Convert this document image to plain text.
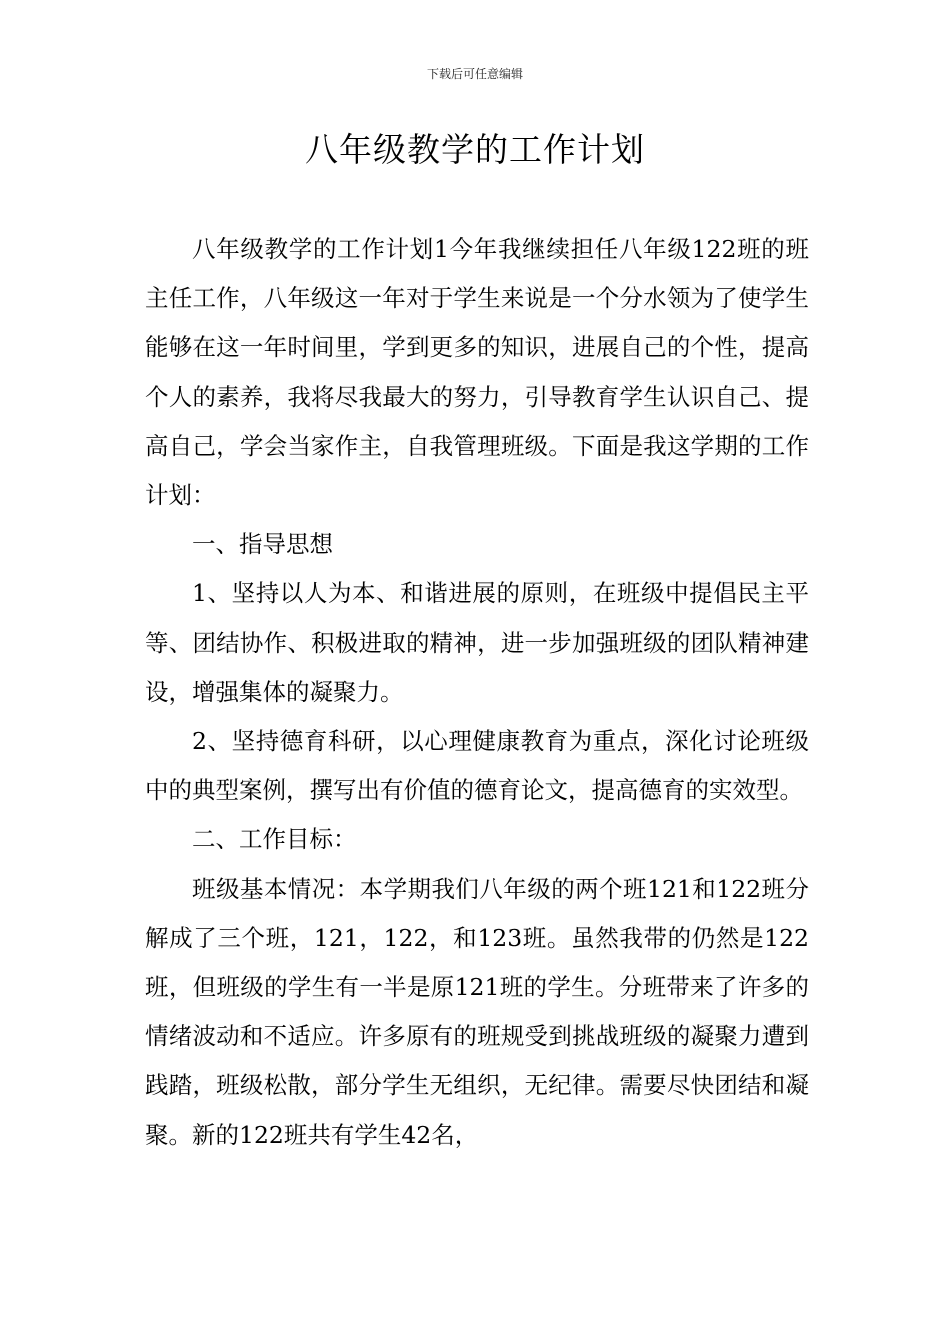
下载后可任意编辑
八年级教学的工作计划

八年级教学的工作计划1今年我继续担任八年级122班的班主任工作，八年级这一年对于学生来说是一个分水领为了使学生能够在这一年时间里，学到更多的知识，进展自己的个性，提高个人的素养，我将尽我最大的努力，引导教育学生认识自己、提高自己，学会当家作主，自我管理班级。下面是我这学期的工作计划：

一、指导思想

1、坚持以人为本、和谐进展的原则，在班级中提倡民主平等、团结协作、积极进取的精神，进一步加强班级的团队精神建设，增强集体的凝聚力。

2、坚持德育科研，以心理健康教育为重点，深化讨论班级中的典型案例，撰写出有价值的德育论文，提高德育的实效型。

二、工作目标：

班级基本情况：本学期我们八年级的两个班121和122班分解成了三个班，121，122，和123班。虽然我带的仍然是122班，但班级的学生有一半是原121班的学生。分班带来了许多的情绪波动和不适应。许多原有的班规受到挑战班级的凝聚力遭到践踏，班级松散，部分学生无组织，无纪律。需要尽快团结和凝聚。新的122班共有学生42名，
